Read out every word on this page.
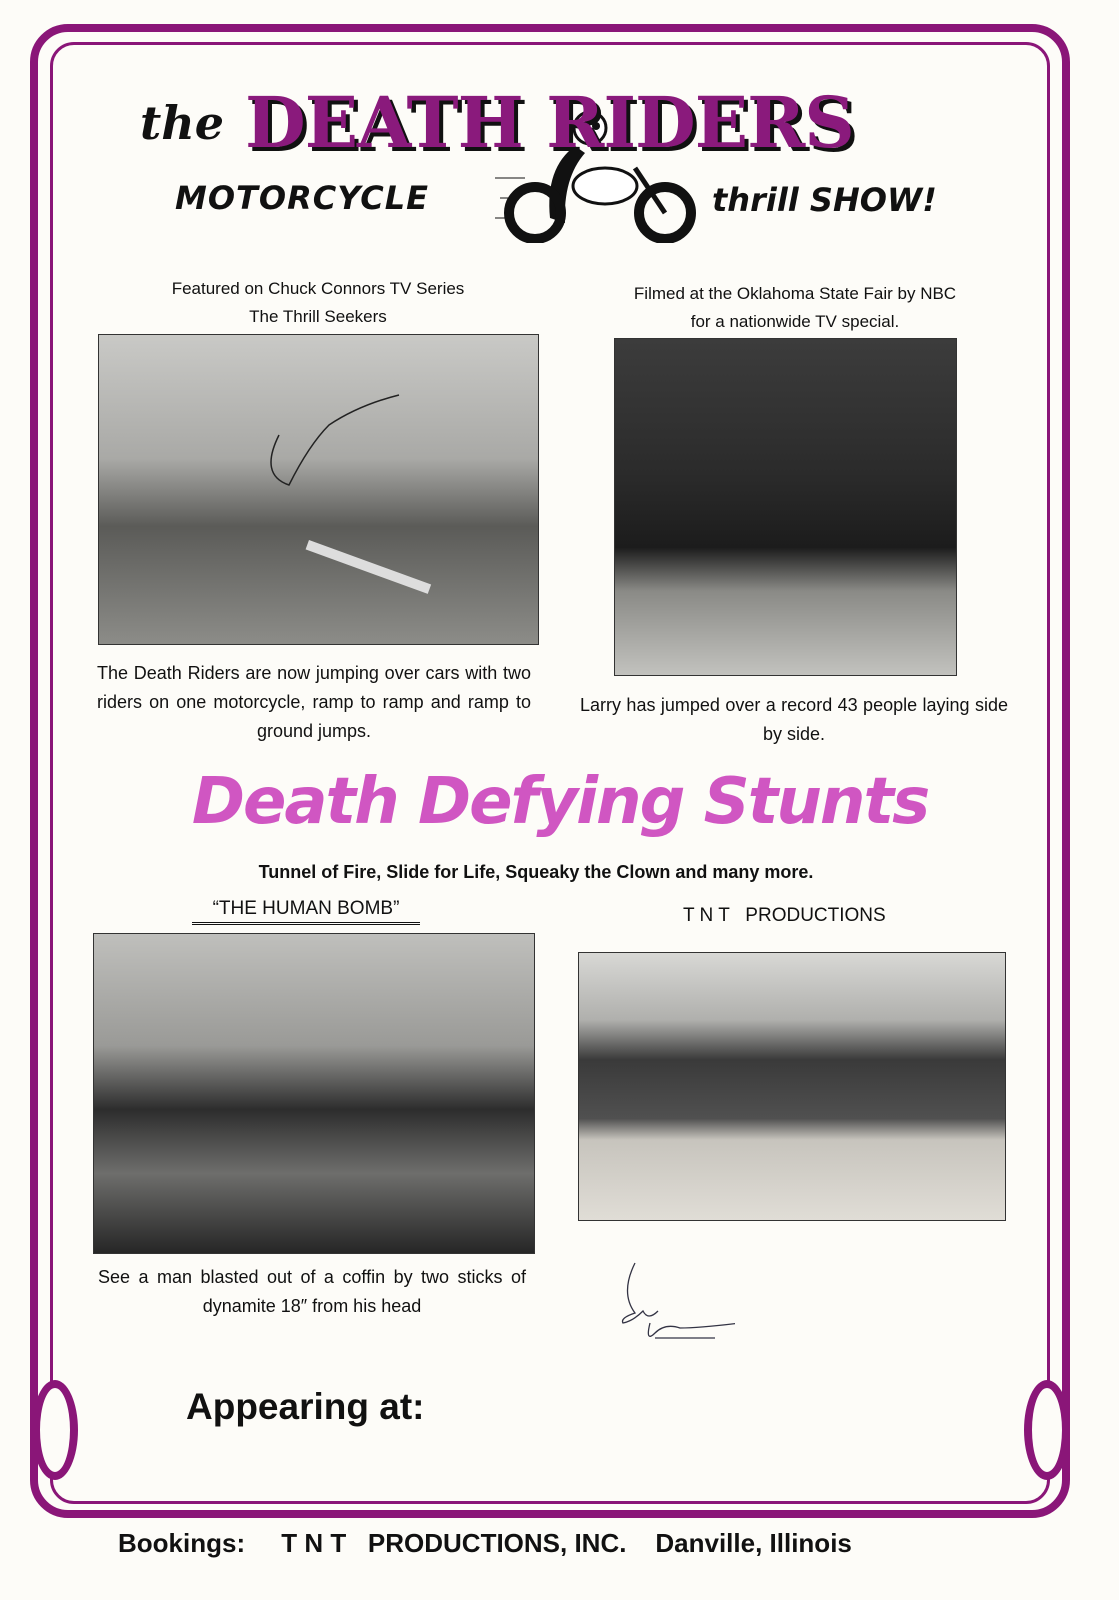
the DEATH RIDERS
MOTORCYCLE	thrill SHOW!
Featured on Chuck Connors TV Series
The Thrill Seekers
The Death Riders are now jumping over cars with two riders on one motorcycle, ramp to ramp and ramp to ground jumps.
Filmed at the Oklahoma State Fair by NBC
for a nationwide TV special.
Larry has jumped over a record 43 people laying side by side.
Death Defying Stunts
Tunnel of Fire, Slide for Life, Squeaky the Clown and many more.
“THE HUMAN BOMB”
See a man blasted out of a coffin by two sticks of dynamite 18″ from his head
T N T   PRODUCTIONS
Appearing at:
Bookings: T N T   PRODUCTIONS, INC. Danville, Illinois
